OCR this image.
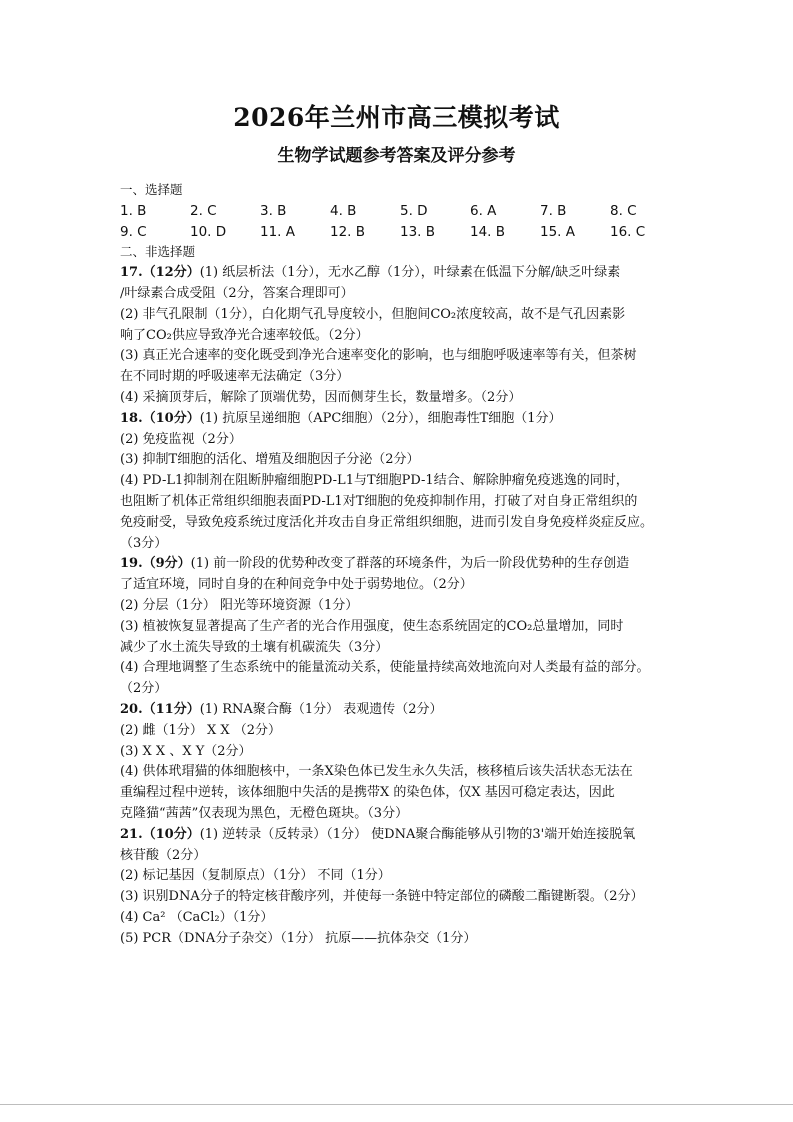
2026年兰州市高三模拟考试
生物学试题参考答案及评分参考
一、选择题
1. B	2. C	3. B	4. B	5. D	6. A	7. B	8. C
9. C	10. D	11. A	12. B	13. B	14. B	15. A	16. C
二、非选择题
17.（12分）(1) 纸层析法（1分），无水乙醇（1分），叶绿素在低温下分解/缺乏叶绿素
/叶绿素合成受阻（2分，答案合理即可）
(2) 非气孔限制（1分），白化期气孔导度较小，但胞间CO₂浓度较高，故不是气孔因素影
响了CO₂供应导致净光合速率较低。（2分）
(3) 真正光合速率的变化既受到净光合速率变化的影响，也与细胞呼吸速率等有关，但茶树
在不同时期的呼吸速率无法确定（3分）
(4) 采摘顶芽后，解除了顶端优势，因而侧芽生长，数量增多。（2分）
18.（10分）(1) 抗原呈递细胞（APC细胞）（2分），细胞毒性T细胞（1分）
(2) 免疫监视（2分）
(3) 抑制T细胞的活化、增殖及细胞因子分泌（2分）
(4) PD-L1抑制剂在阻断肿瘤细胞PD-L1与T细胞PD-1结合、解除肿瘤免疫逃逸的同时，
也阻断了机体正常组织细胞表面PD-L1对T细胞的免疫抑制作用，打破了对自身正常组织的
免疫耐受，导致免疫系统过度活化并攻击自身正常组织细胞，进而引发自身免疫样炎症反应。
（3分）
19.（9分）(1) 前一阶段的优势种改变了群落的环境条件，为后一阶段优势种的生存创造
了适宜环境，同时自身的在种间竞争中处于弱势地位。（2分）
(2) 分层（1分） 阳光等环境资源（1分）
(3) 植被恢复显著提高了生产者的光合作用强度，使生态系统固定的CO₂总量增加，同时
减少了水土流失导致的土壤有机碳流失（3分）
(4) 合理地调整了生态系统中的能量流动关系，使能量持续高效地流向对人类最有益的部分。
（2分）
20.（11分）(1) RNA聚合酶（1分） 表观遗传（2分）
(2) 雌（1分） X X （2分）
(3) X X 、X Y（2分）
(4) 供体玳瑁猫的体细胞核中，一条X染色体已发生永久失活，核移植后该失活状态无法在
重编程过程中逆转，该体细胞中失活的是携带X 的染色体，仅X 基因可稳定表达，因此
克隆猫“茜茜”仅表现为黑色，无橙色斑块。（3分）
21.（10分）(1) 逆转录（反转录）（1分） 使DNA聚合酶能够从引物的3'端开始连接脱氧
核苷酸（2分）
(2) 标记基因（复制原点）（1分） 不同（1分）
(3) 识别DNA分子的特定核苷酸序列，并使每一条链中特定部位的磷酸二酯键断裂。（2分）
(4) Ca² （CaCl₂）（1分）
(5) PCR（DNA分子杂交）（1分） 抗原——抗体杂交（1分）
